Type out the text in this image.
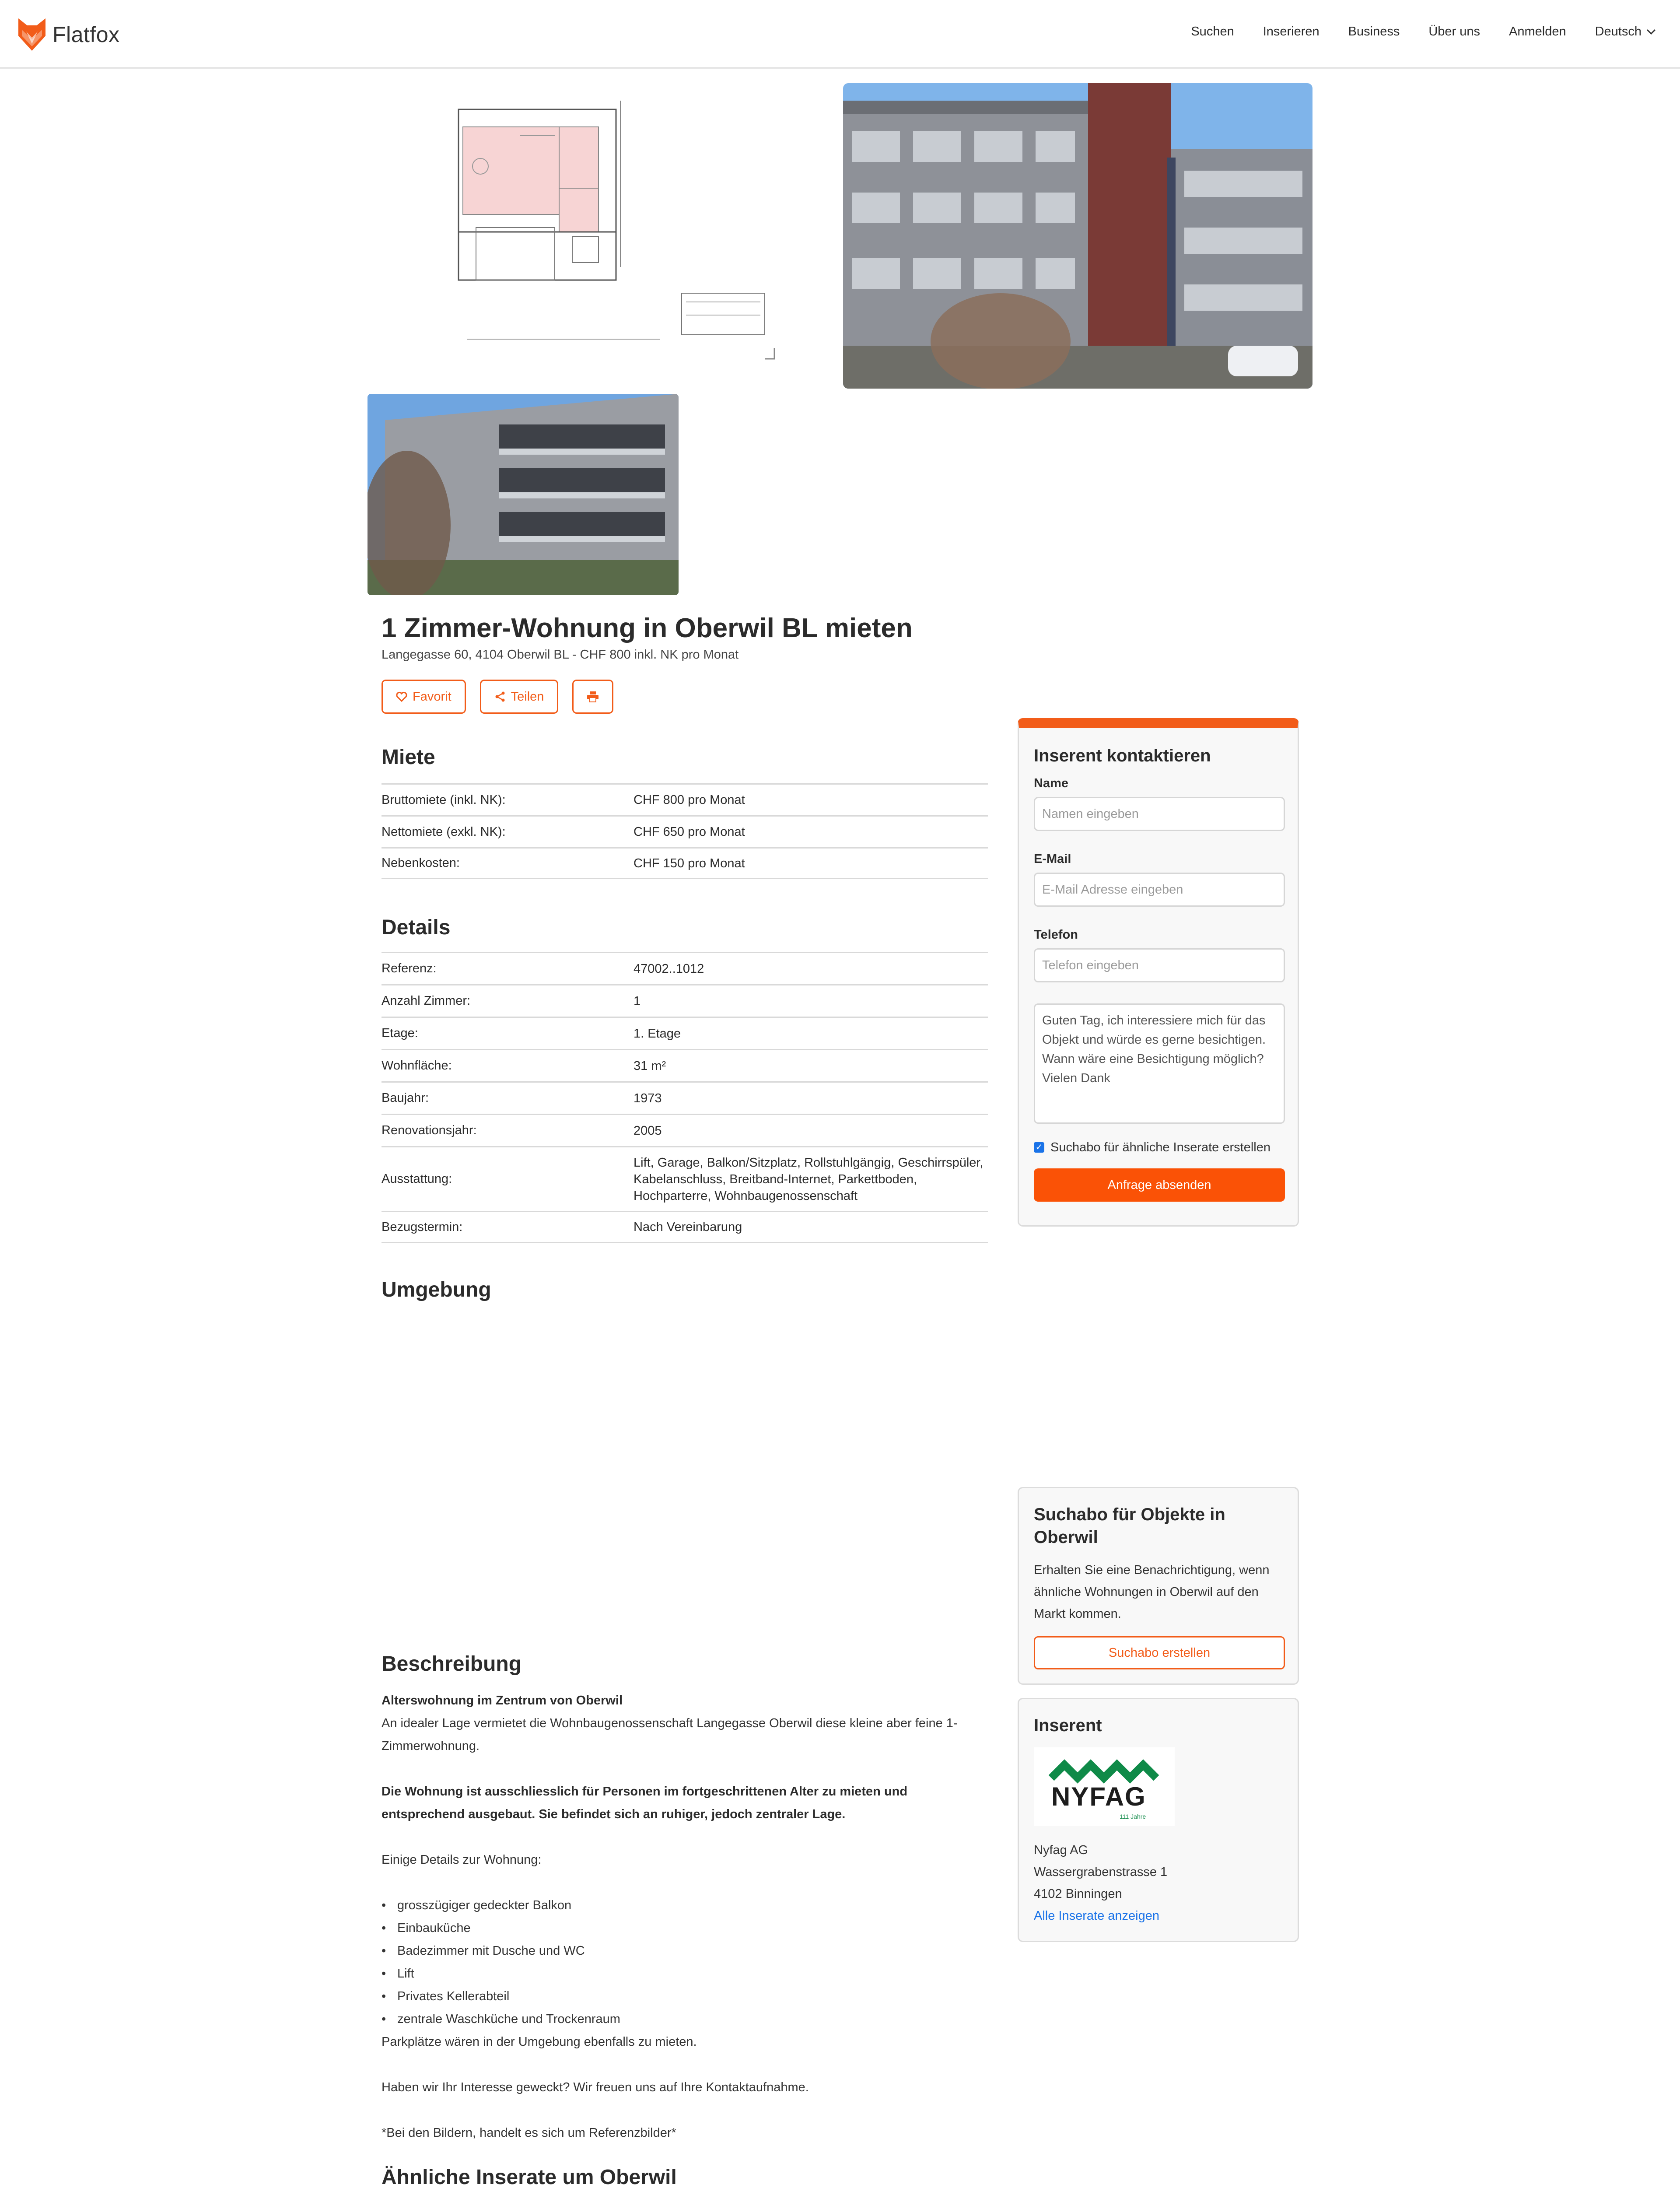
Flatfox	Suchen Inserieren Business Über uns Anmelden Deutsch
1 Zimmer-Wohnung in Oberwil BL mieten
Langegasse 60, 4104 Oberwil BL - CHF 800 inkl. NK pro Monat
Favorit	Teilen
Miete
Bruttomiete (inkl. NK):	CHF 800 pro Monat
Nettomiete (exkl. NK):	CHF 650 pro Monat
Nebenkosten:	CHF 150 pro Monat
Details
Referenz:	47002..1012
Anzahl Zimmer:	1
Etage:	1. Etage
Wohnfläche:	31 m²
Baujahr:	1973
Renovationsjahr:	2005
Ausstattung:
Lift, Garage, Balkon/Sitzplatz, Rollstuhlgängig, Geschirrspüler, Kabelanschluss, Breitband-Internet, Parkettboden, Hochparterre, Wohnbaugenossenschaft
Bezugstermin:	Nach Vereinbarung
Umgebung
Inserent kontaktieren
Name
Namen eingeben
E-Mail
E-Mail Adresse eingeben
Telefon
Telefon eingeben
Guten Tag, ich interessiere mich für das Objekt und würde es gerne besichtigen. Wann wäre eine Besichtigung möglich? Vielen Dank
✓ Suchabo für ähnliche Inserate erstellen
Anfrage absenden
Suchabo für Objekte in Oberwil

Erhalten Sie eine Benachrichtigung, wenn ähnliche Wohnungen in Oberwil auf den Markt kommen.

Suchabo erstellen
Inserent
NYFAG
111 Jahre
Nyfag AG
Wassergrabenstrasse 1
4102 Binningen
Alle Inserate anzeigen
Beschreibung
Alterswohnung im Zentrum von Oberwil
An idealer Lage vermietet die Wohnbaugenossenschaft Langegasse Oberwil diese kleine aber feine 1-Zimmerwohnung.
Die Wohnung ist ausschliesslich für Personen im fortgeschrittenen Alter zu mieten und entsprechend ausgebaut. Sie befindet sich an ruhiger, jedoch zentraler Lage.
Einige Details zur Wohnung:
• grosszügiger gedeckter Balkon
• Einbauküche
• Badezimmer mit Dusche und WC
• Lift
• Privates Kellerabteil
• zentrale Waschküche und Trockenraum
Parkplätze wären in der Umgebung ebenfalls zu mieten.
Haben wir Ihr Interesse geweckt? Wir freuen uns auf Ihre Kontaktaufnahme.
*Bei den Bildern, handelt es sich um Referenzbilder*
Ähnliche Inserate um Oberwil
